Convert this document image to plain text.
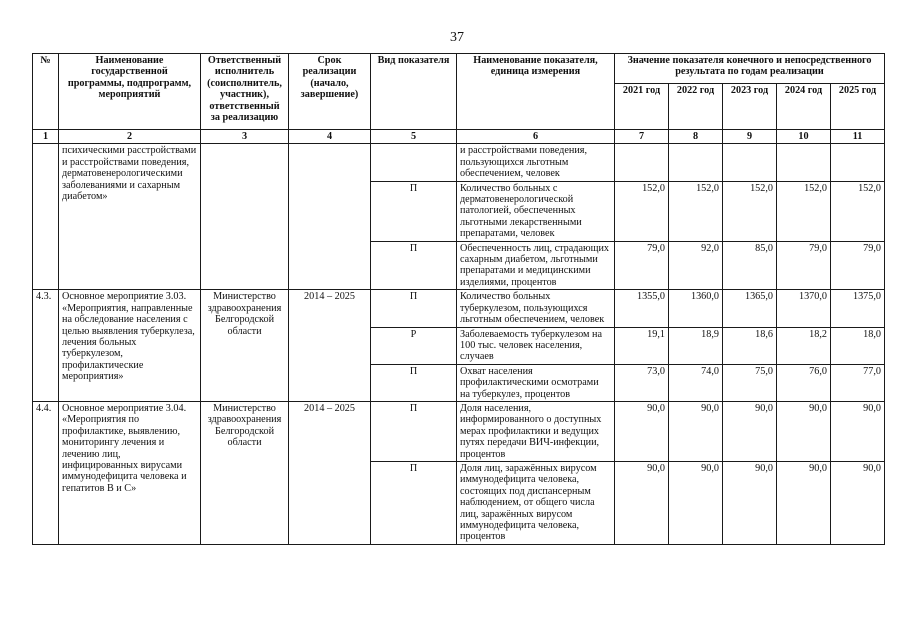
37
№	Наименование государственной программы, подпрограмм, мероприятий	Ответственный исполнитель (соисполнитель, участник), ответственный за реализацию	Срок реализации (начало, завершение)	Вид показателя	Наименование показателя, единица измерения	Значение показателя конечного и непосредственного результата по годам реализации				
						2021 год	2022 год	2023 год	2024 год	2025 год
1	2	3	4	5	6	7	8	9	10	11
	психическими расстройствами и расстройствами поведения, дерматовенерологическими заболеваниями и сахарным диабетом»				и расстройствами поведения, пользующихся льготным обеспечением, человек					
				П	Количество больных с дерматовенерологической патологией, обеспеченных льготными лекарственными препаратами, человек	152,0	152,0	152,0	152,0	152,0
				П	Обеспеченность лиц, страдающих сахарным диабетом, льготными препаратами и медицинскими изделиями, процентов	79,0	92,0	85,0	79,0	79,0
4.3.	Основное мероприятие 3.03. «Мероприятия, направленные на обследование населения с целью выявления туберкулеза, лечения больных туберкулезом, профилактические мероприятия»	Министерство здравоохранения Белгородской области	2014 – 2025	П	Количество больных туберкулезом, пользующихся льготным обеспечением, человек	1355,0	1360,0	1365,0	1370,0	1375,0
				Р	Заболеваемость туберкулезом на 100 тыс. человек населения, случаев	19,1	18,9	18,6	18,2	18,0
				П	Охват населения профилактическими осмотрами на туберкулез, процентов	73,0	74,0	75,0	76,0	77,0
4.4.	Основное мероприятие 3.04. «Мероприятия по профилактике, выявлению, мониторингу лечения и лечению лиц, инфицированных вирусами иммунодефицита человека и гепатитов В и С»	Министерство здравоохранения Белгородской области	2014 – 2025	П	Доля населения, информированного о доступных мерах профилактики и ведущих путях передачи ВИЧ-инфекции, процентов	90,0	90,0	90,0	90,0	90,0
				П	Доля лиц, заражённых вирусом иммунодефицита человека, состоящих под диспансерным наблюдением, от общего числа лиц, заражённых вирусом иммунодефицита человека, процентов	90,0	90,0	90,0	90,0	90,0
